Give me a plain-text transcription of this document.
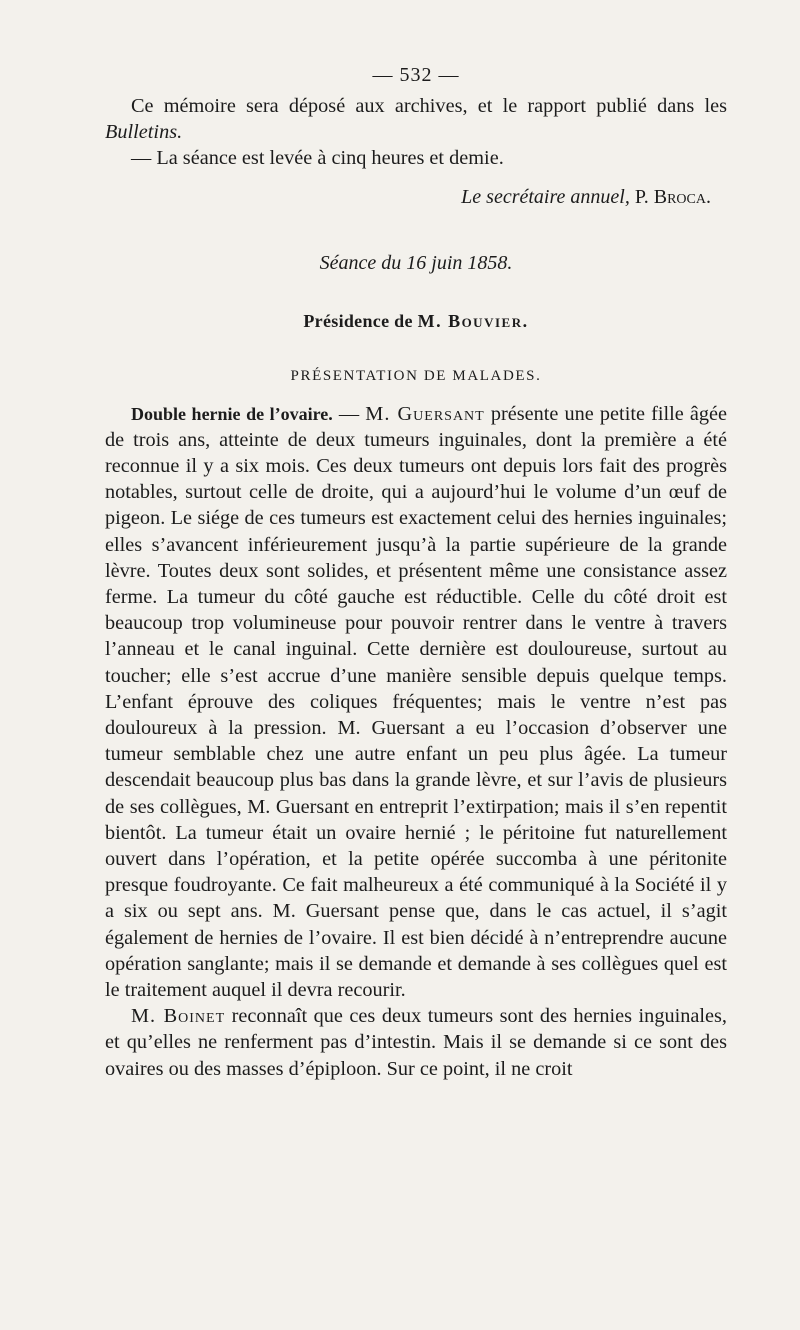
— 532 —

Ce mémoire sera déposé aux archives, et le rapport publié dans les Bulletins.

— La séance est levée à cinq heures et demie.

Le secrétaire annuel, P. Broca.
Séance du 16 juin 1858.
Présidence de M. Bouvier.
PRÉSENTATION DE MALADES.

Double hernie de l’ovaire. — M. Guersant présente une petite fille âgée de trois ans, atteinte de deux tumeurs inguinales, dont la première a été reconnue il y a six mois. Ces deux tumeurs ont depuis lors fait des progrès notables, surtout celle de droite, qui a aujourd’hui le volume d’un œuf de pigeon. Le siége de ces tumeurs est exactement celui des hernies inguinales; elles s’avancent inférieurement jusqu’à la partie supérieure de la grande lèvre. Toutes deux sont solides, et présentent même une consistance assez ferme. La tumeur du côté gauche est réductible. Celle du côté droit est beaucoup trop volumineuse pour pouvoir rentrer dans le ventre à travers l’anneau et le canal inguinal. Cette dernière est douloureuse, surtout au toucher; elle s’est accrue d’une manière sensible depuis quelque temps. L’enfant éprouve des coliques fréquentes; mais le ventre n’est pas douloureux à la pression. M. Guersant a eu l’occasion d’observer une tumeur semblable chez une autre enfant un peu plus âgée. La tumeur descendait beaucoup plus bas dans la grande lèvre, et sur l’avis de plusieurs de ses collègues, M. Guersant en entreprit l’extirpation; mais il s’en repentit bientôt. La tumeur était un ovaire hernié ; le péritoine fut naturellement ouvert dans l’opération, et la petite opérée succomba à une péritonite presque foudroyante. Ce fait malheureux a été communiqué à la Société il y a six ou sept ans. M. Guersant pense que, dans le cas actuel, il s’agit également de hernies de l’ovaire. Il est bien décidé à n’entreprendre aucune opération sanglante; mais il se demande et demande à ses collègues quel est le traitement auquel il devra recourir.

M. Boinet reconnaît que ces deux tumeurs sont des hernies inguinales, et qu’elles ne renferment pas d’intestin. Mais il se demande si ce sont des ovaires ou des masses d’épiploon. Sur ce point, il ne croit
